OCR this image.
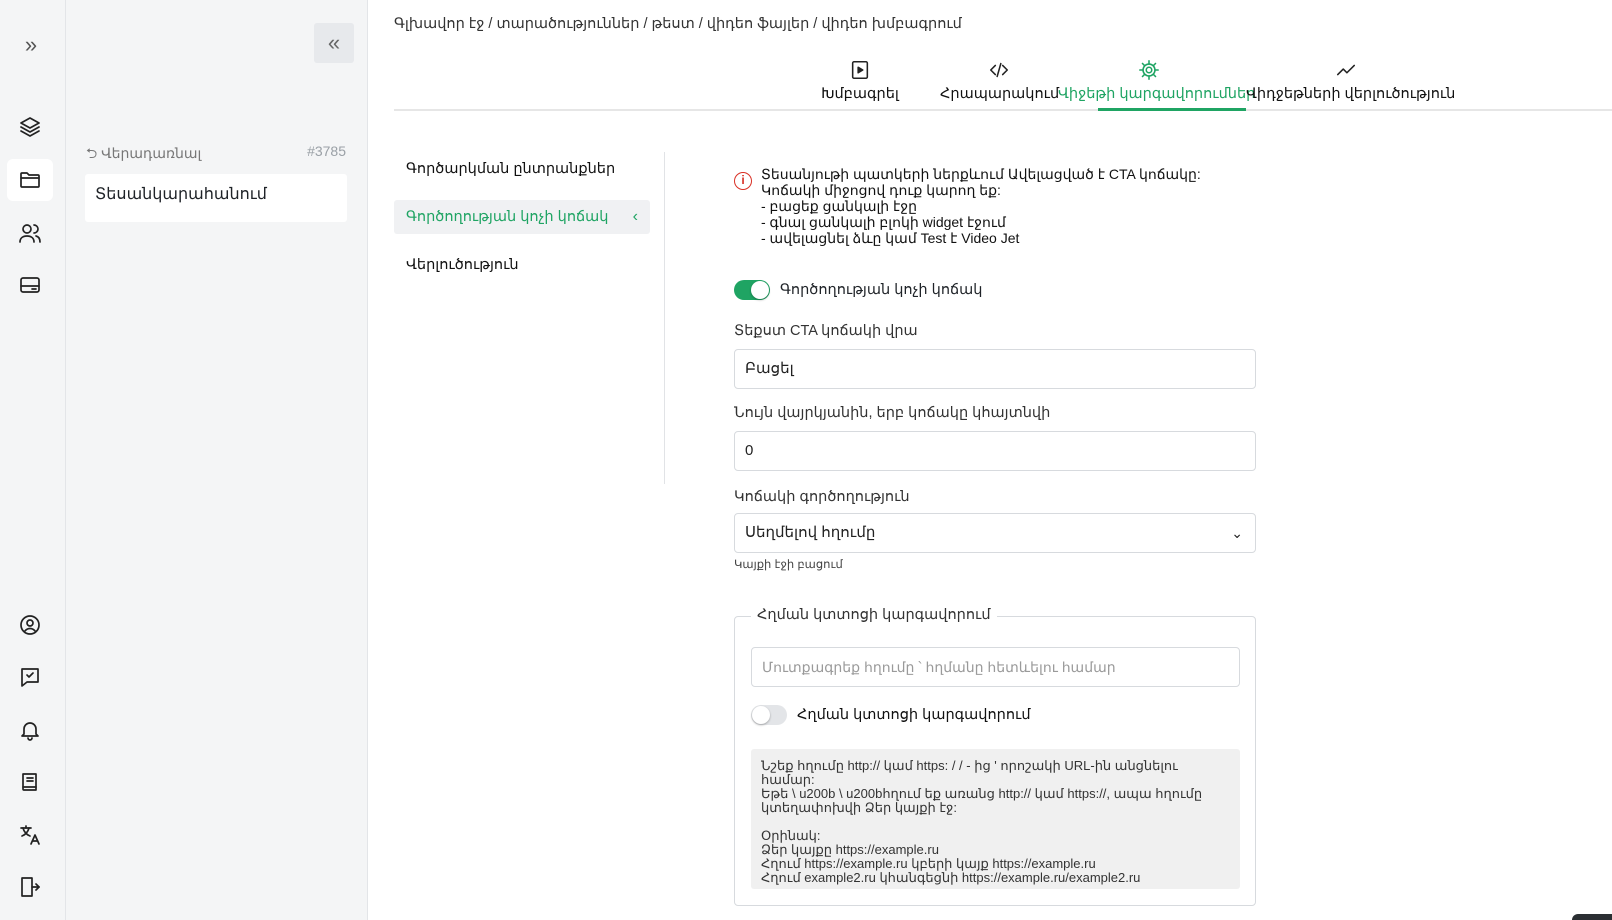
»	«
⮌ Վերադառնալ	#3785
Տեսանկարահանում
Գլխավոր էջ / տարածություններ / թեստ / վիդեո ֆայլեր / վիդեո խմբագրում
Խմբագրել	Հրապարակում
Վիջեթի կարգավորումներ
Վիդջեթների վերլուծություն
Գործարկման ընտրանքներ
Գործողության կոչի կոճակ ‹
Վերլուծություն
i	Տեսանյութի պատկերի ներքևում Ավելացված է CTA կոճակը:
Կոճակի միջոցով դուք կարող եք:
- բացեք ցանկալի էջը
- գնալ ցանկալի բլոկի widget էջում
- ավելացնել ձևը կամ Test է Video Jet
Գործողության կոչի կոճակ
Տեքստ CTA կոճակի վրա
Բացել
Նույն վայրկյանին, երբ կոճակը կհայտնվի
0
Կոճակի գործողություն
Սեղմելով հղումը	⌄
Կայքի էջի բացում
Հղման կտտոցի կարգավորում
Մուտքագրեք հղումը ՝ հղմանը հետևելու համար
Հղման կտտոցի կարգավորում
Նշեք հղումը http:// կամ https: / / - ից ' որոշակի URL-ին անցնելու համար:
Եթե \ u200b \ u200bհղում եք առանց http:// կամ https://, ապա հղումը կտեղափոխվի Ձեր կայքի էջ:

Օրինակ:
Ձեր կայքը https://example.ru
Հղում https://example.ru կբերի կայք https://example.ru
Հղում example2.ru կհանգեցնի https://example.ru/example2.ru
